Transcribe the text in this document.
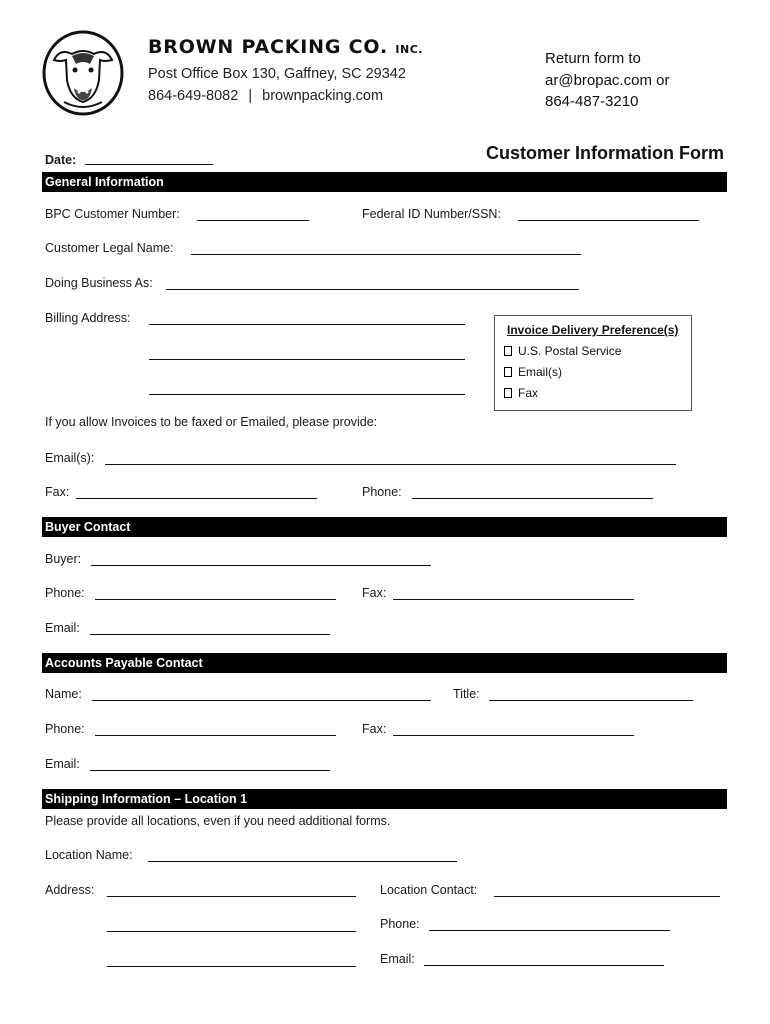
BROWN PACKING CO. INC.
Post Office Box 130, Gaffney, SC 29342
864-649-8082 | brownpacking.com
Return form to
ar@bropac.com or
864-487-3210
Customer Information Form
Date:
General Information
BPC Customer Number:	Federal ID Number/SSN:
Customer Legal Name:
Doing Business As:
Billing Address:
Invoice Delivery Preference(s)
U.S. Postal Service
Email(s)
Fax
If you allow Invoices to be faxed or Emailed, please provide:
Email(s):
Fax:	Phone:
Buyer Contact
Buyer:
Phone:	Fax:
Email:
Accounts Payable Contact
Name:	Title:
Phone:	Fax:
Email:
Shipping Information – Location 1
Please provide all locations, even if you need additional forms.
Location Name:
Address:	Location Contact:
Phone:
Email:
